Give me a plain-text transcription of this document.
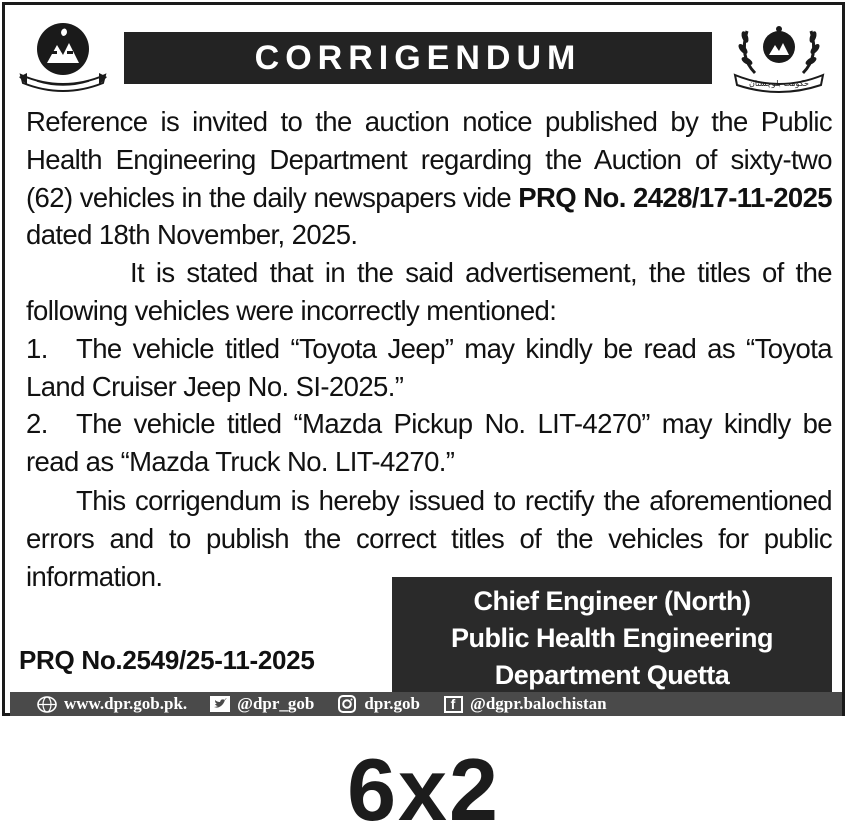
CORRIGENDUM
حکومت بلوچستان

Reference is invited to the auction notice published by the Public Health Engineering Department regarding the Auction of sixty-two (62) vehicles in the daily newspapers vide PRQ No. 2428/17-11-2025 dated 18th November, 2025.

It is stated that in the said advertisement, the titles of the following vehicles were incorrectly mentioned:

1. The vehicle titled “Toyota Jeep” may kindly be read as “Toyota Land Cruiser Jeep No. SI-2025.”

2. The vehicle titled “Mazda Pickup No. LIT-4270” may kindly be read as “Mazda Truck No. LIT-4270.”

This corrigendum is hereby issued to rectify the aforementioned errors and to publish the correct titles of the vehicles for public information.
Chief Engineer (North)
Public Health Engineering
Department Quetta
PRQ No.2549/25-11-2025
www.dpr.gob.pk.	@dpr_gob	dpr.gob	f @dgpr.balochistan
6x2
